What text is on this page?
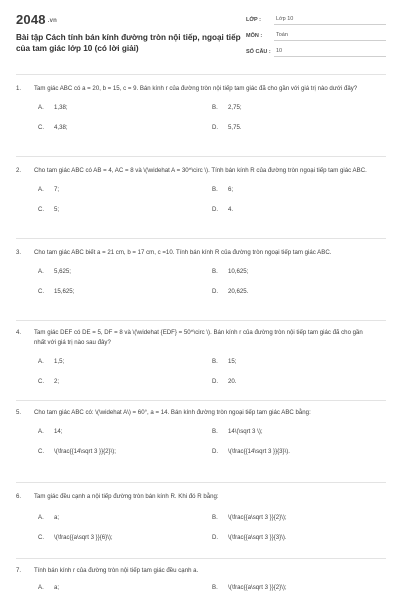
2048 .vn
Bài tập Cách tính bán kính đường tròn nội tiếp, ngoại tiếp của tam giác lớp 10 (có lời giải)
LỚP :	Lớp 10
MÔN :	Toán
SỐ CÂU : 10
1.	Tam giác ABC có a = 20, b = 15, c = 9. Bán kính r của đường tròn nội tiếp tam giác đã cho gần với giá trị nào dưới đây?
A.	1,38;	B.	2,75;
C.	4,38;	D.	5,75.
2.	Cho tam giác ABC có AB = 4, AC = 8 và \(\widehat A = 30^\circ \). Tính bán kính R của đường tròn ngoại tiếp tam giác ABC.
A.	7;	B.	6;
C.	5;	D.	4.
3.	Cho tam giác ABC biết a = 21 cm, b = 17 cm, c =10. Tính bán kính R của đường tròn ngoại tiếp tam giác ABC.
A.	5,625;	B.	10,625;
C.	15,625;	D.	20,625.
4.	Tam giác DEF có DE = 5, DF = 8 và \(\widehat {EDF} = 50^\circ \). Bán kính r của đường tròn nội tiếp tam giác đã cho gần nhất với giá trị nào sau đây?
A.	1,5;	B.	15;
C.	2;	D.	20.
5.	Cho tam giác ABC có: \(\widehat A\) = 60°, a = 14. Bán kính đường tròn ngoại tiếp tam giác ABC bằng:
A.	14;	B.	14\(\sqrt 3 \);
C.	\(\frac{{14\sqrt 3 }}{2}\);	D.	\(\frac{{14\sqrt 3 }}{3}\).
6.	Tam giác đều cạnh a nội tiếp đường tròn bán kính R. Khi đó R bằng:
A.	a;	B.	\(\frac{{a\sqrt 3 }}{2}\);
C.	\(\frac{{a\sqrt 3 }}{6}\);	D.	\(\frac{{a\sqrt 3 }}{3}\).
7.	Tính bán kính r của đường tròn nội tiếp tam giác đều cạnh a.
A.	a;	B.	\(\frac{{a\sqrt 3 }}{2}\);
